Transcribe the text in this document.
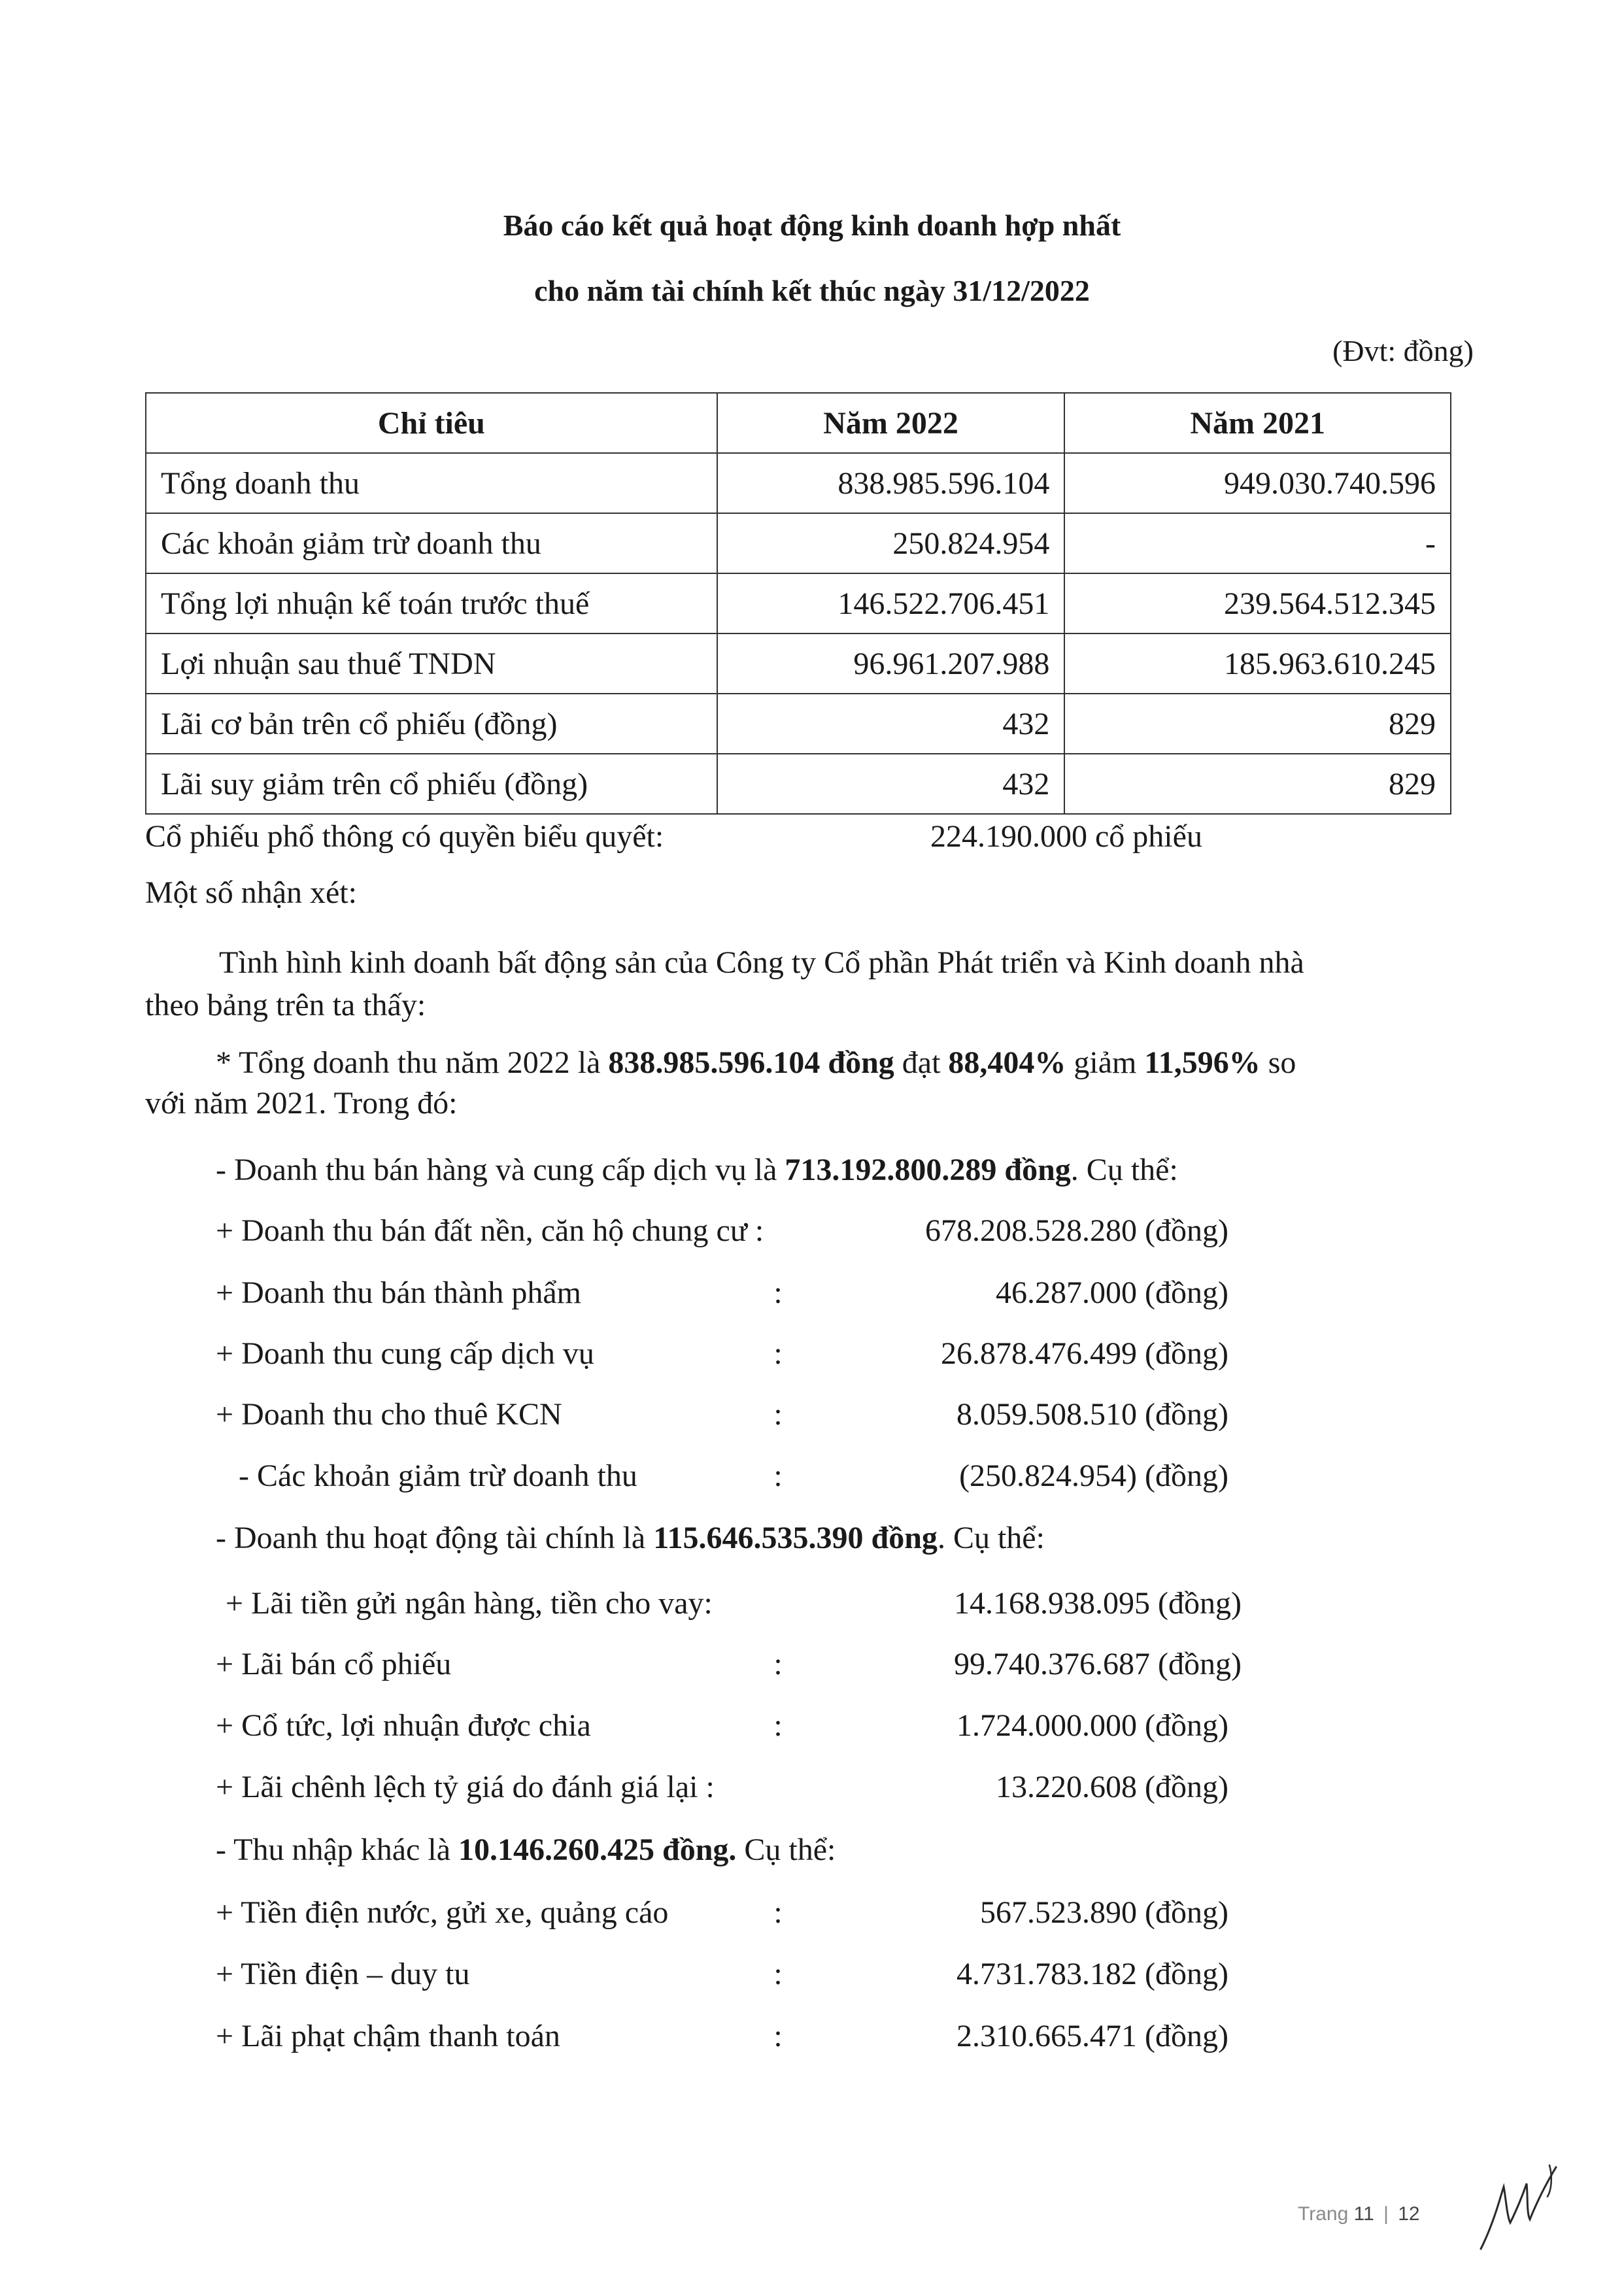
Báo cáo kết quả hoạt động kinh doanh hợp nhất
cho năm tài chính kết thúc ngày 31/12/2022
(Đvt: đồng)
Chỉ tiêu	Năm 2022	Năm 2021
Tổng doanh thu	838.985.596.104	949.030.740.596
Các khoản giảm trừ doanh thu	250.824.954	-
Tổng lợi nhuận kế toán trước thuế	146.522.706.451	239.564.512.345
Lợi nhuận sau thuế TNDN	96.961.207.988	185.963.610.245
Lãi cơ bản trên cổ phiếu (đồng)	432	829
Lãi suy giảm trên cổ phiếu (đồng)	432	829
Cổ phiếu phổ thông có quyền biểu quyết:	224.190.000 cổ phiếu
Một số nhận xét:
Tình hình kinh doanh bất động sản của Công ty Cổ phần Phát triển và Kinh doanh nhà
theo bảng trên ta thấy:
* Tổng doanh thu năm 2022 là 838.985.596.104 đồng đạt 88,404% giảm 11,596% so
với năm 2021. Trong đó:
- Doanh thu bán hàng và cung cấp dịch vụ là 713.192.800.289 đồng. Cụ thể:
+ Doanh thu bán đất nền, căn hộ chung cư :	678.208.528.280 (đồng)
+ Doanh thu bán thành phẩm	:	46.287.000 (đồng)
+ Doanh thu cung cấp dịch vụ	:	26.878.476.499 (đồng)
+ Doanh thu cho thuê KCN	:	8.059.508.510 (đồng)
- Các khoản giảm trừ doanh thu	:	(250.824.954) (đồng)
- Doanh thu hoạt động tài chính là 115.646.535.390 đồng. Cụ thể:
+ Lãi tiền gửi ngân hàng, tiền cho vay:	14.168.938.095 (đồng)
+ Lãi bán cổ phiếu	:	99.740.376.687 (đồng)
+ Cổ tức, lợi nhuận được chia	:	1.724.000.000 (đồng)
+ Lãi chênh lệch tỷ giá do đánh giá lại :	13.220.608 (đồng)
- Thu nhập khác là 10.146.260.425 đồng. Cụ thể:
+ Tiền điện nước, gửi xe, quảng cáo	:	567.523.890 (đồng)
+ Tiền điện – duy tu	:	4.731.783.182 (đồng)
+ Lãi phạt chậm thanh toán	:	2.310.665.471 (đồng)
Trang 11 | 12
